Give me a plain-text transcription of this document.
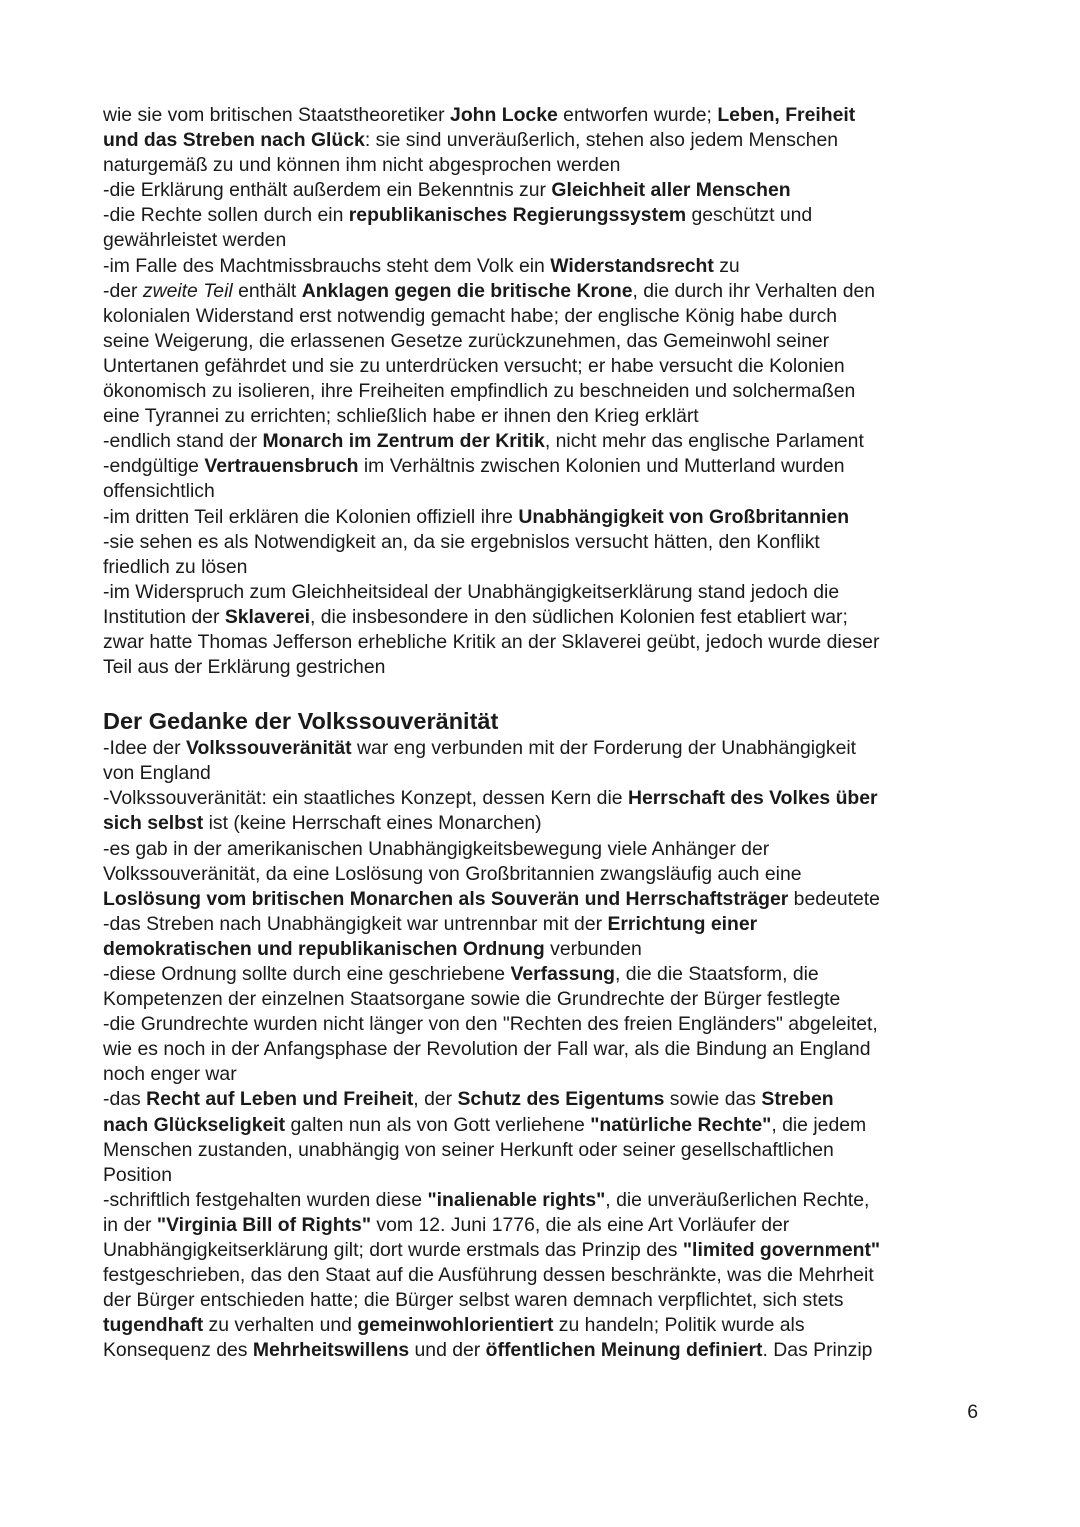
wie sie vom britischen Staatstheoretiker John Locke entworfen wurde; Leben, Freiheit
und das Streben nach Glück: sie sind unveräußerlich, stehen also jedem Menschen
naturgemäß zu und können ihm nicht abgesprochen werden

-die Erklärung enthält außerdem ein Bekenntnis zur Gleichheit aller Menschen

-die Rechte sollen durch ein republikanisches Regierungssystem geschützt und
gewährleistet werden

-im Falle des Machtmissbrauchs steht dem Volk ein Widerstandsrecht zu

-der zweite Teil enthält Anklagen gegen die britische Krone, die durch ihr Verhalten den
kolonialen Widerstand erst notwendig gemacht habe; der englische König habe durch
seine Weigerung, die erlassenen Gesetze zurückzunehmen, das Gemeinwohl seiner
Untertanen gefährdet und sie zu unterdrücken versucht; er habe versucht die Kolonien
ökonomisch zu isolieren, ihre Freiheiten empfindlich zu beschneiden und solchermaßen
eine Tyrannei zu errichten; schließlich habe er ihnen den Krieg erklärt

-endlich stand der Monarch im Zentrum der Kritik, nicht mehr das englische Parlament

-endgültige Vertrauensbruch im Verhältnis zwischen Kolonien und Mutterland wurden
offensichtlich

-im dritten Teil erklären die Kolonien offiziell ihre Unabhängigkeit von Großbritannien

-sie sehen es als Notwendigkeit an, da sie ergebnislos versucht hätten, den Konflikt
friedlich zu lösen

-im Widerspruch zum Gleichheitsideal der Unabhängigkeitserklärung stand jedoch die
Institution der Sklaverei, die insbesondere in den südlichen Kolonien fest etabliert war;
zwar hatte Thomas Jefferson erhebliche Kritik an der Sklaverei geübt, jedoch wurde dieser
Teil aus der Erklärung gestrichen

Der Gedanke der Volkssouveränität

-Idee der Volkssouveränität war eng verbunden mit der Forderung der Unabhängigkeit
von England

-Volkssouveränität: ein staatliches Konzept, dessen Kern die Herrschaft des Volkes über
sich selbst ist (keine Herrschaft eines Monarchen)

-es gab in der amerikanischen Unabhängigkeitsbewegung viele Anhänger der
Volkssouveränität, da eine Loslösung von Großbritannien zwangsläufig auch eine
Loslösung vom britischen Monarchen als Souverän und Herrschaftsträger bedeutete

-das Streben nach Unabhängigkeit war untrennbar mit der Errichtung einer
demokratischen und republikanischen Ordnung verbunden

-diese Ordnung sollte durch eine geschriebene Verfassung, die die Staatsform, die
Kompetenzen der einzelnen Staatsorgane sowie die Grundrechte der Bürger festlegte

-die Grundrechte wurden nicht länger von den "Rechten des freien Engländers" abgeleitet,
wie es noch in der Anfangsphase der Revolution der Fall war, als die Bindung an England
noch enger war

-das Recht auf Leben und Freiheit, der Schutz des Eigentums sowie das Streben
nach Glückseligkeit galten nun als von Gott verliehene "natürliche Rechte", die jedem
Menschen zustanden, unabhängig von seiner Herkunft oder seiner gesellschaftlichen
Position

-schriftlich festgehalten wurden diese "inalienable rights", die unveräußerlichen Rechte,
in der "Virginia Bill of Rights" vom 12. Juni 1776, die als eine Art Vorläufer der
Unabhängigkeitserklärung gilt; dort wurde erstmals das Prinzip des "limited government"
festgeschrieben, das den Staat auf die Ausführung dessen beschränkte, was die Mehrheit
der Bürger entschieden hatte; die Bürger selbst waren demnach verpflichtet, sich stets
tugendhaft zu verhalten und gemeinwohlorientiert zu handeln; Politik wurde als
Konsequenz des Mehrheitswillens und der öffentlichen Meinung definiert. Das Prinzip

6
